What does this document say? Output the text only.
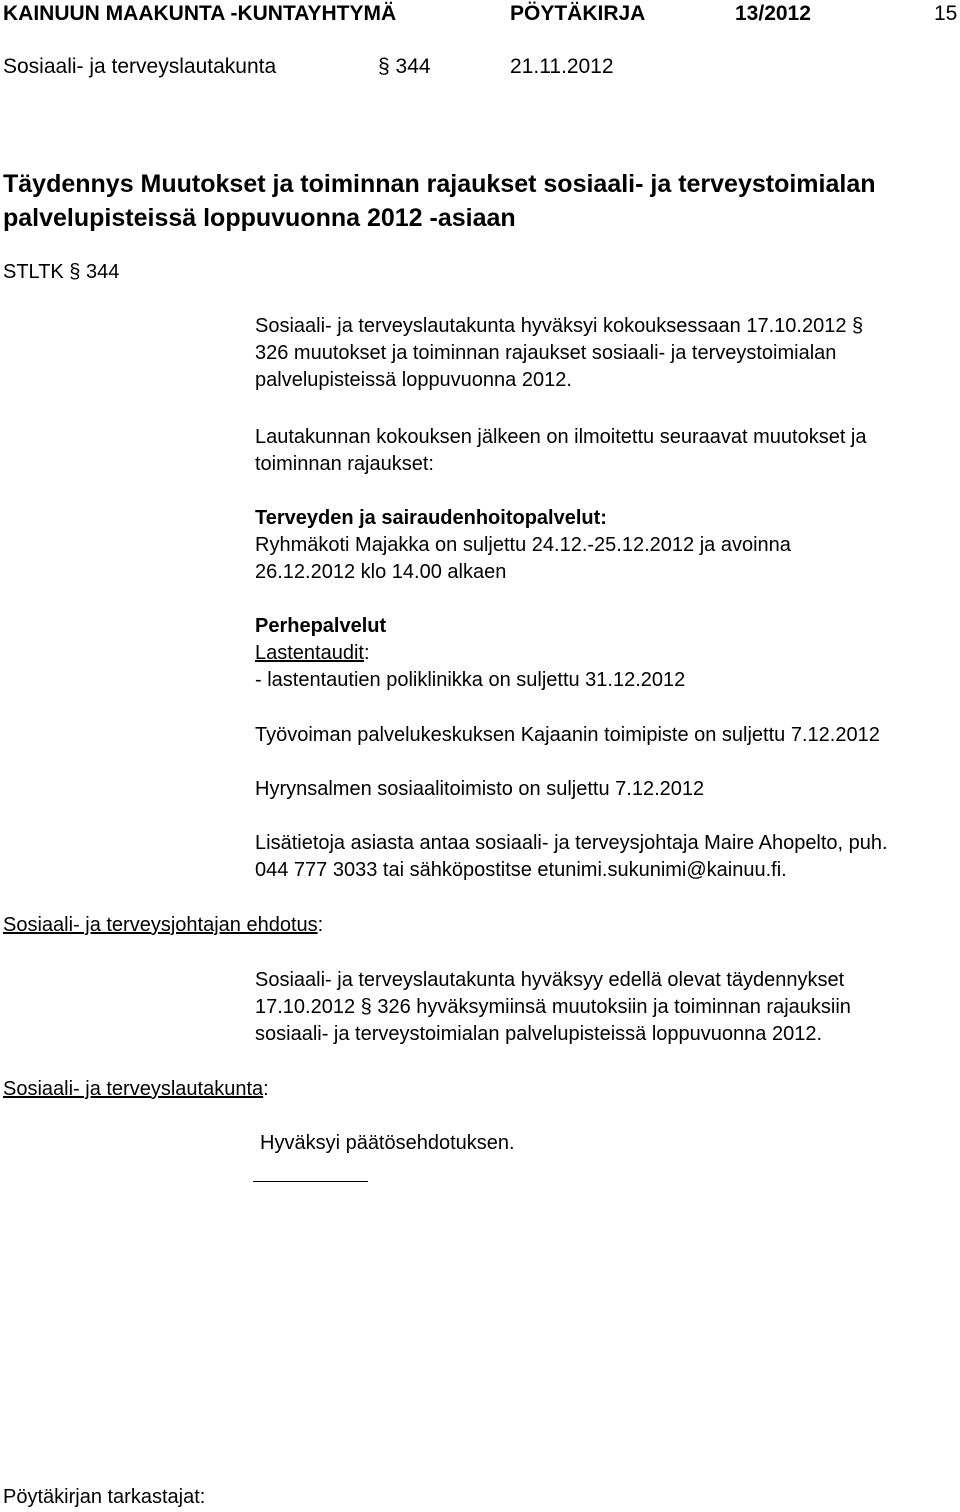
KAINUUN MAAKUNTA -KUNTAYHTYMÄ	PÖYTÄKIRJA	13/2012	15
Sosiaali- ja terveyslautakunta	§ 344	21.11.2012
Täydennys Muutokset ja toiminnan rajaukset sosiaali- ja terveystoimialan
palvelupisteissä loppuvuonna 2012 -asiaan
STLTK § 344
Sosiaali- ja terveyslautakunta hyväksyi kokouksessaan 17.10.2012 §
326 muutokset ja toiminnan rajaukset sosiaali- ja terveystoimialan
palvelupisteissä loppuvuonna 2012.
Lautakunnan kokouksen jälkeen on ilmoitettu seuraavat muutokset ja
toiminnan rajaukset:
Terveyden ja sairaudenhoitopalvelut:
Ryhmäkoti Majakka on suljettu 24.12.-25.12.2012 ja avoinna
26.12.2012 klo 14.00 alkaen
Perhepalvelut
Lastentaudit:
- lastentautien poliklinikka on suljettu 31.12.2012
Työvoiman palvelukeskuksen Kajaanin toimipiste on suljettu 7.12.2012
Hyrynsalmen sosiaalitoimisto on suljettu 7.12.2012
Lisätietoja asiasta antaa sosiaali- ja terveysjohtaja Maire Ahopelto, puh.
044 777 3033 tai sähköpostitse etunimi.sukunimi@kainuu.fi.
Sosiaali- ja terveysjohtajan ehdotus:
Sosiaali- ja terveyslautakunta hyväksyy edellä olevat täydennykset
17.10.2012 § 326 hyväksymiinsä muutoksiin ja toiminnan rajauksiin
sosiaali- ja terveystoimialan palvelupisteissä loppuvuonna 2012.
Sosiaali- ja terveyslautakunta:
Hyväksyi päätösehdotuksen.
Pöytäkirjan tarkastajat:
